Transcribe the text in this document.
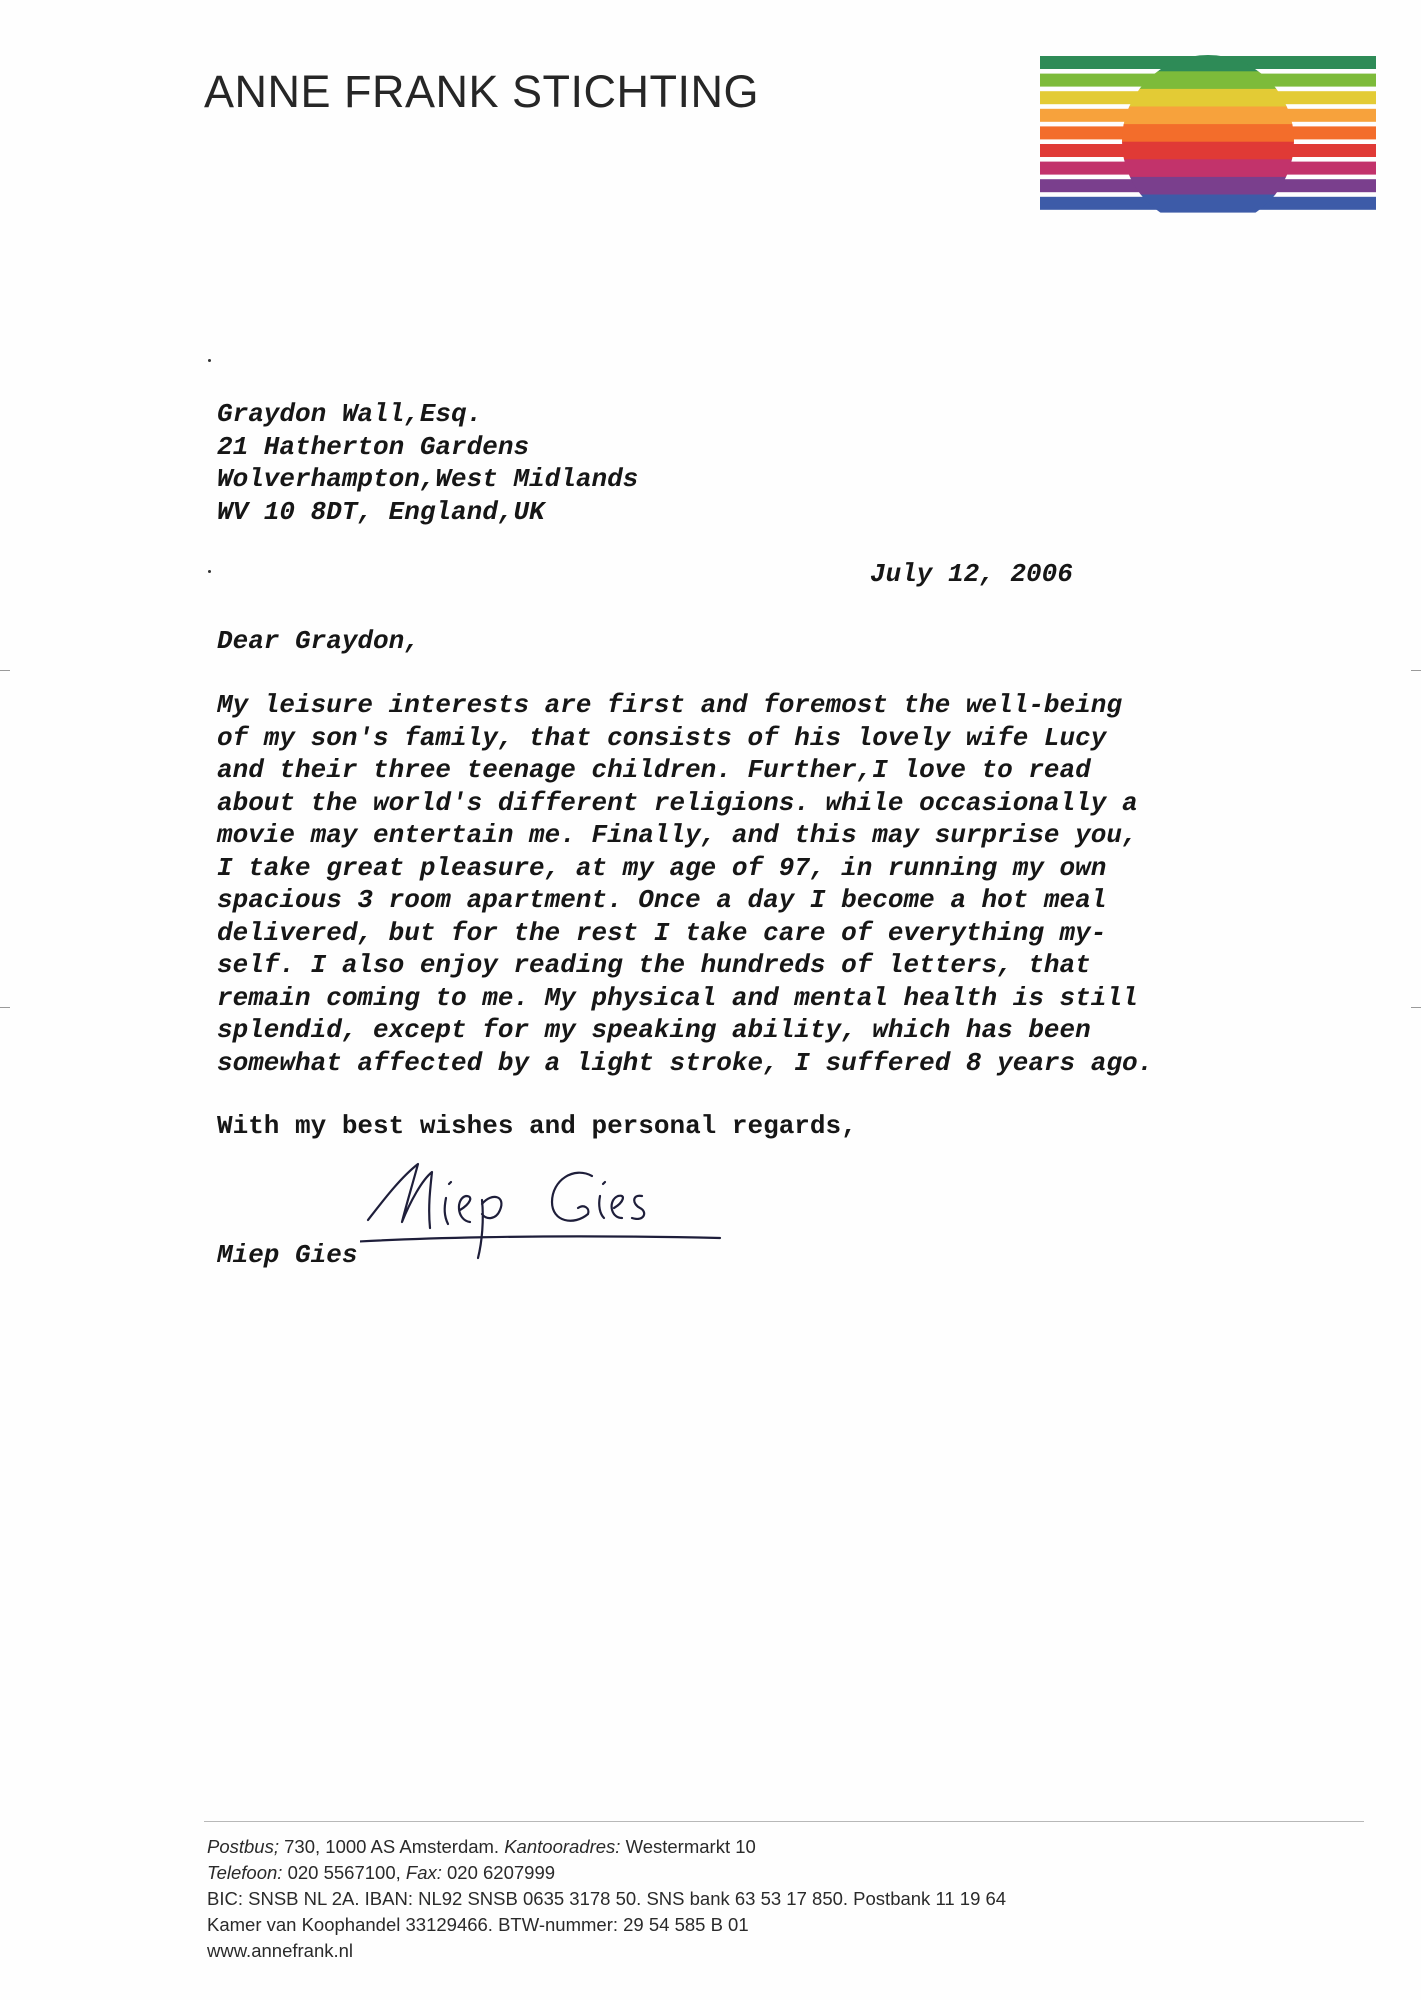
ANNE FRANK STICHTING
Graydon Wall,Esq.
21 Hatherton Gardens
Wolverhampton,West Midlands
WV 10 8DT, England,UK
July 12, 2006
Dear Graydon,
My leisure interests are first and foremost the well-being
of my son's family, that consists of his lovely wife Lucy
and their three teenage children. Further,I love to read
about the world's different religions. while occasionally a
movie may entertain me. Finally, and this may surprise you,
I take great pleasure, at my age of 97, in running my own
spacious 3 room apartment. Once a day I become a hot meal
delivered, but for the rest I take care of everything my-
self. I also enjoy reading the hundreds of letters, that
remain coming to me. My physical and mental health is still
splendid, except for my speaking ability, which has been
somewhat affected by a light stroke, I suffered 8 years ago.
With my best wishes and personal regards,
Miep Gies
Postbus; 730, 1000 AS Amsterdam. Kantooradres: Westermarkt 10
Telefoon: 020 5567100, Fax: 020 6207999
BIC: SNSB NL 2A. IBAN: NL92 SNSB 0635 3178 50. SNS bank 63 53 17 850. Postbank 11 19 64
Kamer van Koophandel 33129466. BTW-nummer: 29 54 585 B 01
www.annefrank.nl
